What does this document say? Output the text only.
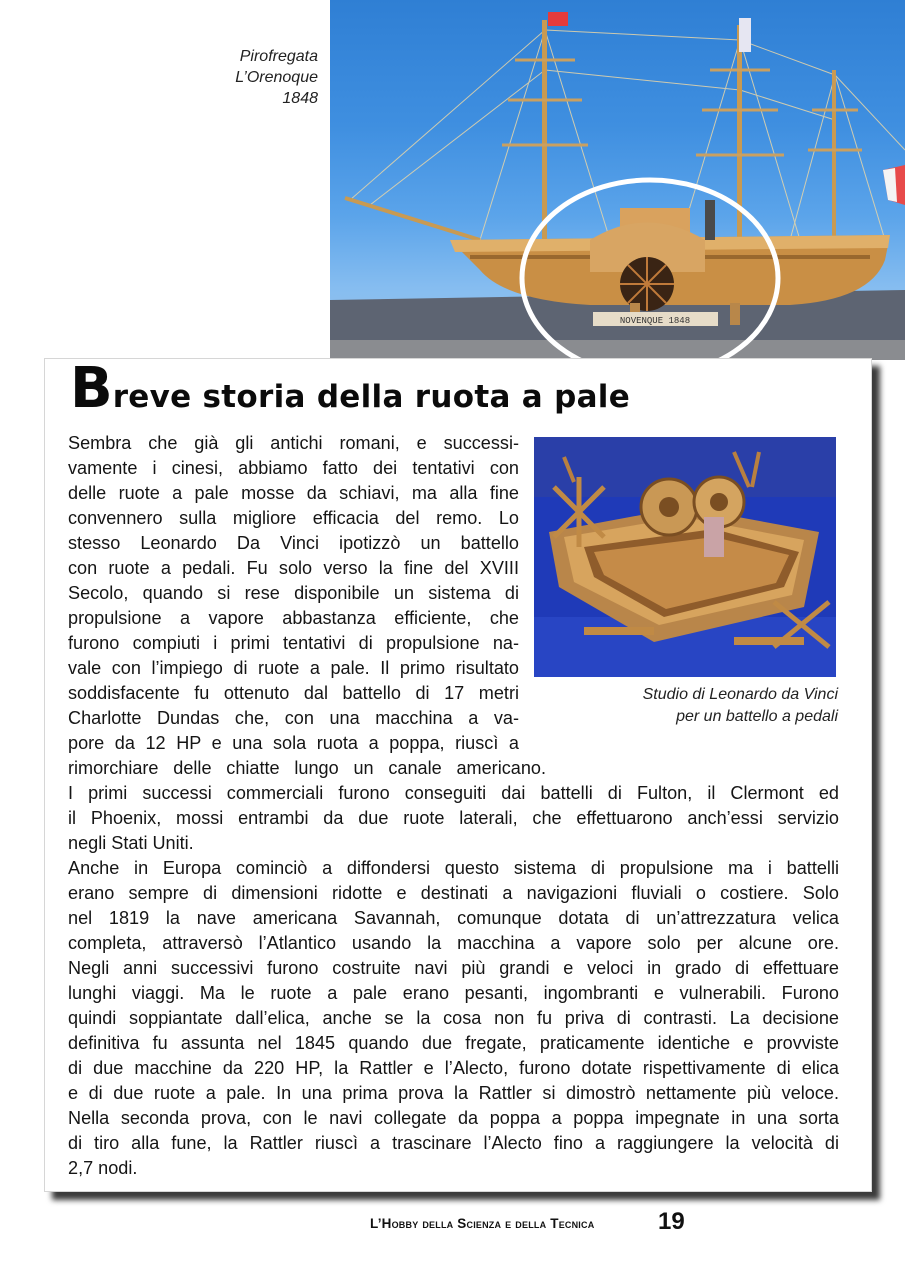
Pirofregata
L’Orenoque
1848
NOVENQUE 1848
Breve storia della ruota a pale
Studio di Leonardo da Vinci
per un battello a pedali
Sembra che già gli antichi romani, e successi-
vamente i cinesi, abbiamo fatto dei tentativi con
delle ruote a pale mosse da schiavi, ma alla fine
convennero sulla migliore efficacia del remo. Lo
stesso Leonardo Da Vinci ipotizzò un battello
con ruote a pedali. Fu solo verso la fine del XVIII
Secolo, quando si rese disponibile un sistema di
propulsione a vapore abbastanza efficiente, che
furono compiuti i primi tentativi di propulsione na-
vale con l’impiego di ruote a pale. Il primo risultato
soddisfacente fu ottenuto dal battello di 17 metri
Charlotte Dundas che, con una macchina a va-
pore da 12 HP e una sola ruota a poppa, riuscì a
rimorchiare delle chiatte lungo un canale americano.
I primi successi commerciali furono conseguiti dai battelli di Fulton, il Clermont ed
il Phoenix, mossi entrambi da due ruote laterali, che effettuarono anch’essi servizio
negli Stati Uniti.
Anche in Europa cominciò a diffondersi questo sistema di propulsione ma i battelli
erano sempre di dimensioni ridotte e destinati a navigazioni fluviali o costiere. Solo
nel 1819 la nave americana Savannah, comunque dotata di un’attrezzatura velica
completa, attraversò l’Atlantico usando la macchina a vapore solo per alcune ore.
Negli anni successivi furono costruite navi più grandi e veloci in grado di effettuare
lunghi viaggi. Ma le ruote a pale erano pesanti, ingombranti e vulnerabili. Furono
quindi soppiantate dall’elica, anche se la cosa non fu priva di contrasti. La decisione
definitiva fu assunta nel 1845 quando due fregate, praticamente identiche e provviste
di due macchine da 220 HP, la Rattler e l’Alecto, furono dotate rispettivamente di elica
e di due ruote a pale. In una prima prova la Rattler si dimostrò nettamente più veloce.
Nella seconda prova, con le navi collegate da poppa a poppa impegnate in una sorta
di tiro alla fune, la Rattler riuscì a trascinare l’Alecto fino a raggiungere la velocità di
2,7 nodi.
L’Hobby della Scienza e della Tecnica	19
